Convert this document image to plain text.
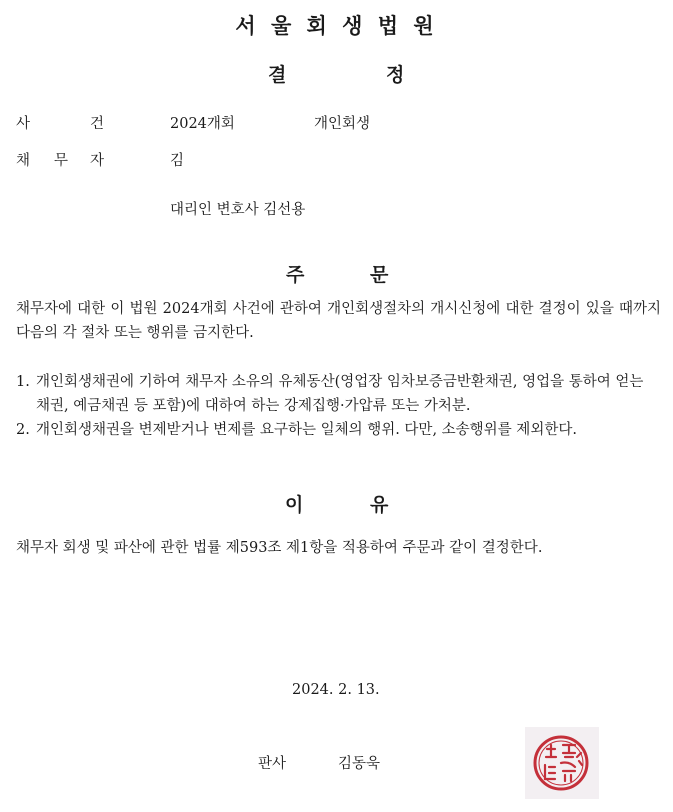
서 울 회 생 법 원
결	정
사	건	2024개회	개인회생
채 무 자	김
대리인 변호사 김선용
주	문
채무자에 대한 이 법원 2024개회 사건에 관하여 개인회생절차의 개시신청에 대한 결정이 있을 때까지 다음의 각 절차 또는 행위를 금지한다.
1. 개인회생채권에 기하여 채무자 소유의 유체동산(영업장 임차보증금반환채권, 영업을 통하여 얻는 채권, 예금채권 등 포함)에 대하여 하는 강제집행·가압류 또는 가처분.
2. 개인회생채권을 변제받거나 변제를 요구하는 일체의 행위. 다만, 소송행위를 제외한다.
이	유
채무자 회생 및 파산에 관한 법률 제593조 제1항을 적용하여 주문과 같이 결정한다.
2024. 2. 13.
판사	김동욱
